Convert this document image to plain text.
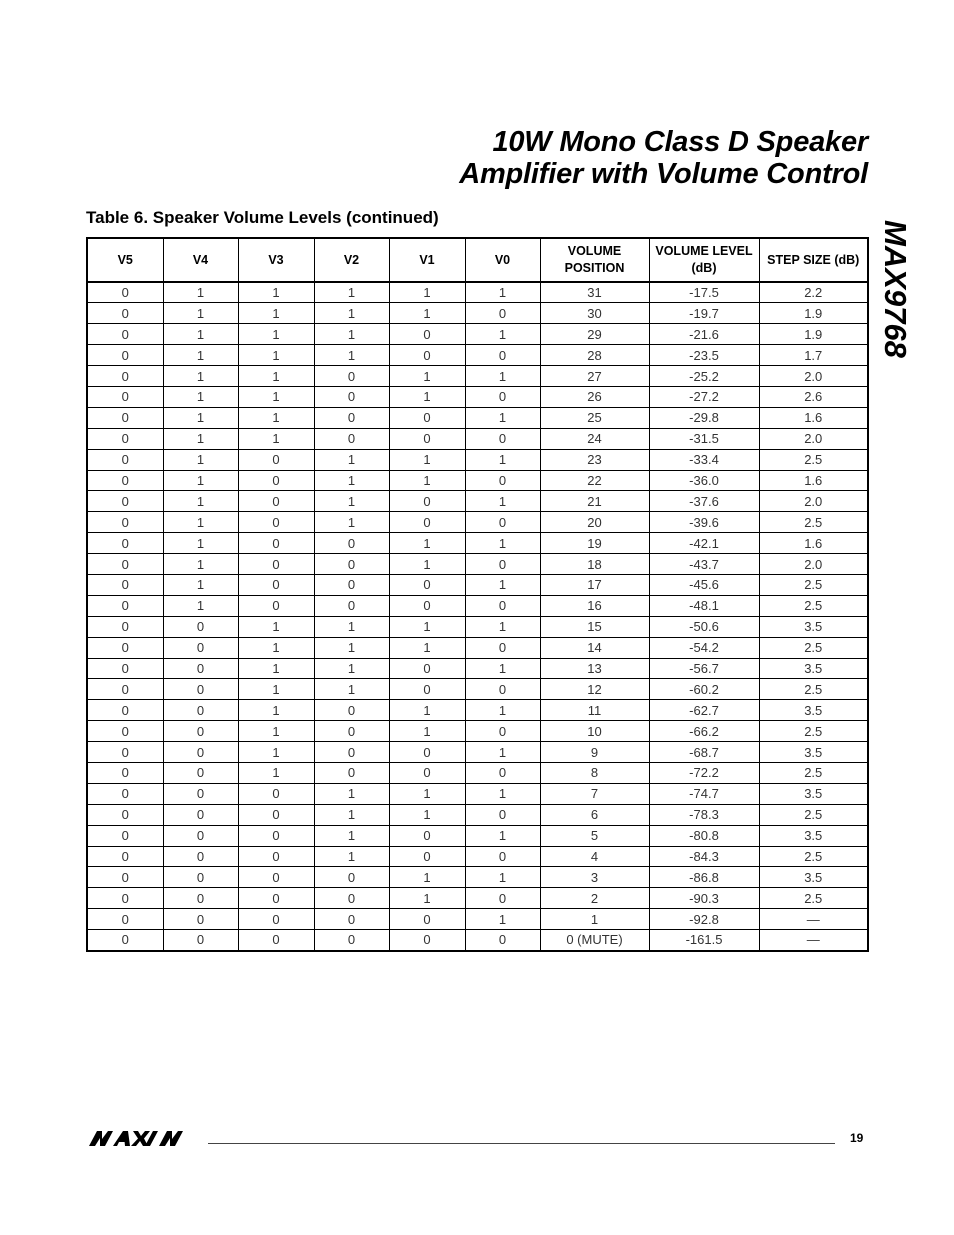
10W Mono Class D Speaker
Amplifier with Volume Control
MAX9768
Table 6. Speaker Volume Levels (continued)
V5	V4	V3	V2	V1	V0	VOLUME POSITION	VOLUME LEVEL (dB)	STEP SIZE (dB)
0	1	1	1	1	1	31	-17.5	2.2
0	1	1	1	1	0	30	-19.7	1.9
0	1	1	1	0	1	29	-21.6	1.9
0	1	1	1	0	0	28	-23.5	1.7
0	1	1	0	1	1	27	-25.2	2.0
0	1	1	0	1	0	26	-27.2	2.6
0	1	1	0	0	1	25	-29.8	1.6
0	1	1	0	0	0	24	-31.5	2.0
0	1	0	1	1	1	23	-33.4	2.5
0	1	0	1	1	0	22	-36.0	1.6
0	1	0	1	0	1	21	-37.6	2.0
0	1	0	1	0	0	20	-39.6	2.5
0	1	0	0	1	1	19	-42.1	1.6
0	1	0	0	1	0	18	-43.7	2.0
0	1	0	0	0	1	17	-45.6	2.5
0	1	0	0	0	0	16	-48.1	2.5
0	0	1	1	1	1	15	-50.6	3.5
0	0	1	1	1	0	14	-54.2	2.5
0	0	1	1	0	1	13	-56.7	3.5
0	0	1	1	0	0	12	-60.2	2.5
0	0	1	0	1	1	11	-62.7	3.5
0	0	1	0	1	0	10	-66.2	2.5
0	0	1	0	0	1	9	-68.7	3.5
0	0	1	0	0	0	8	-72.2	2.5
0	0	0	1	1	1	7	-74.7	3.5
0	0	0	1	1	0	6	-78.3	2.5
0	0	0	1	0	1	5	-80.8	3.5
0	0	0	1	0	0	4	-84.3	2.5
0	0	0	0	1	1	3	-86.8	3.5
0	0	0	0	1	0	2	-90.3	2.5
0	0	0	0	0	1	1	-92.8	—
0	0	0	0	0	0	0 (MUTE)	-161.5	—
MAXIM
19
